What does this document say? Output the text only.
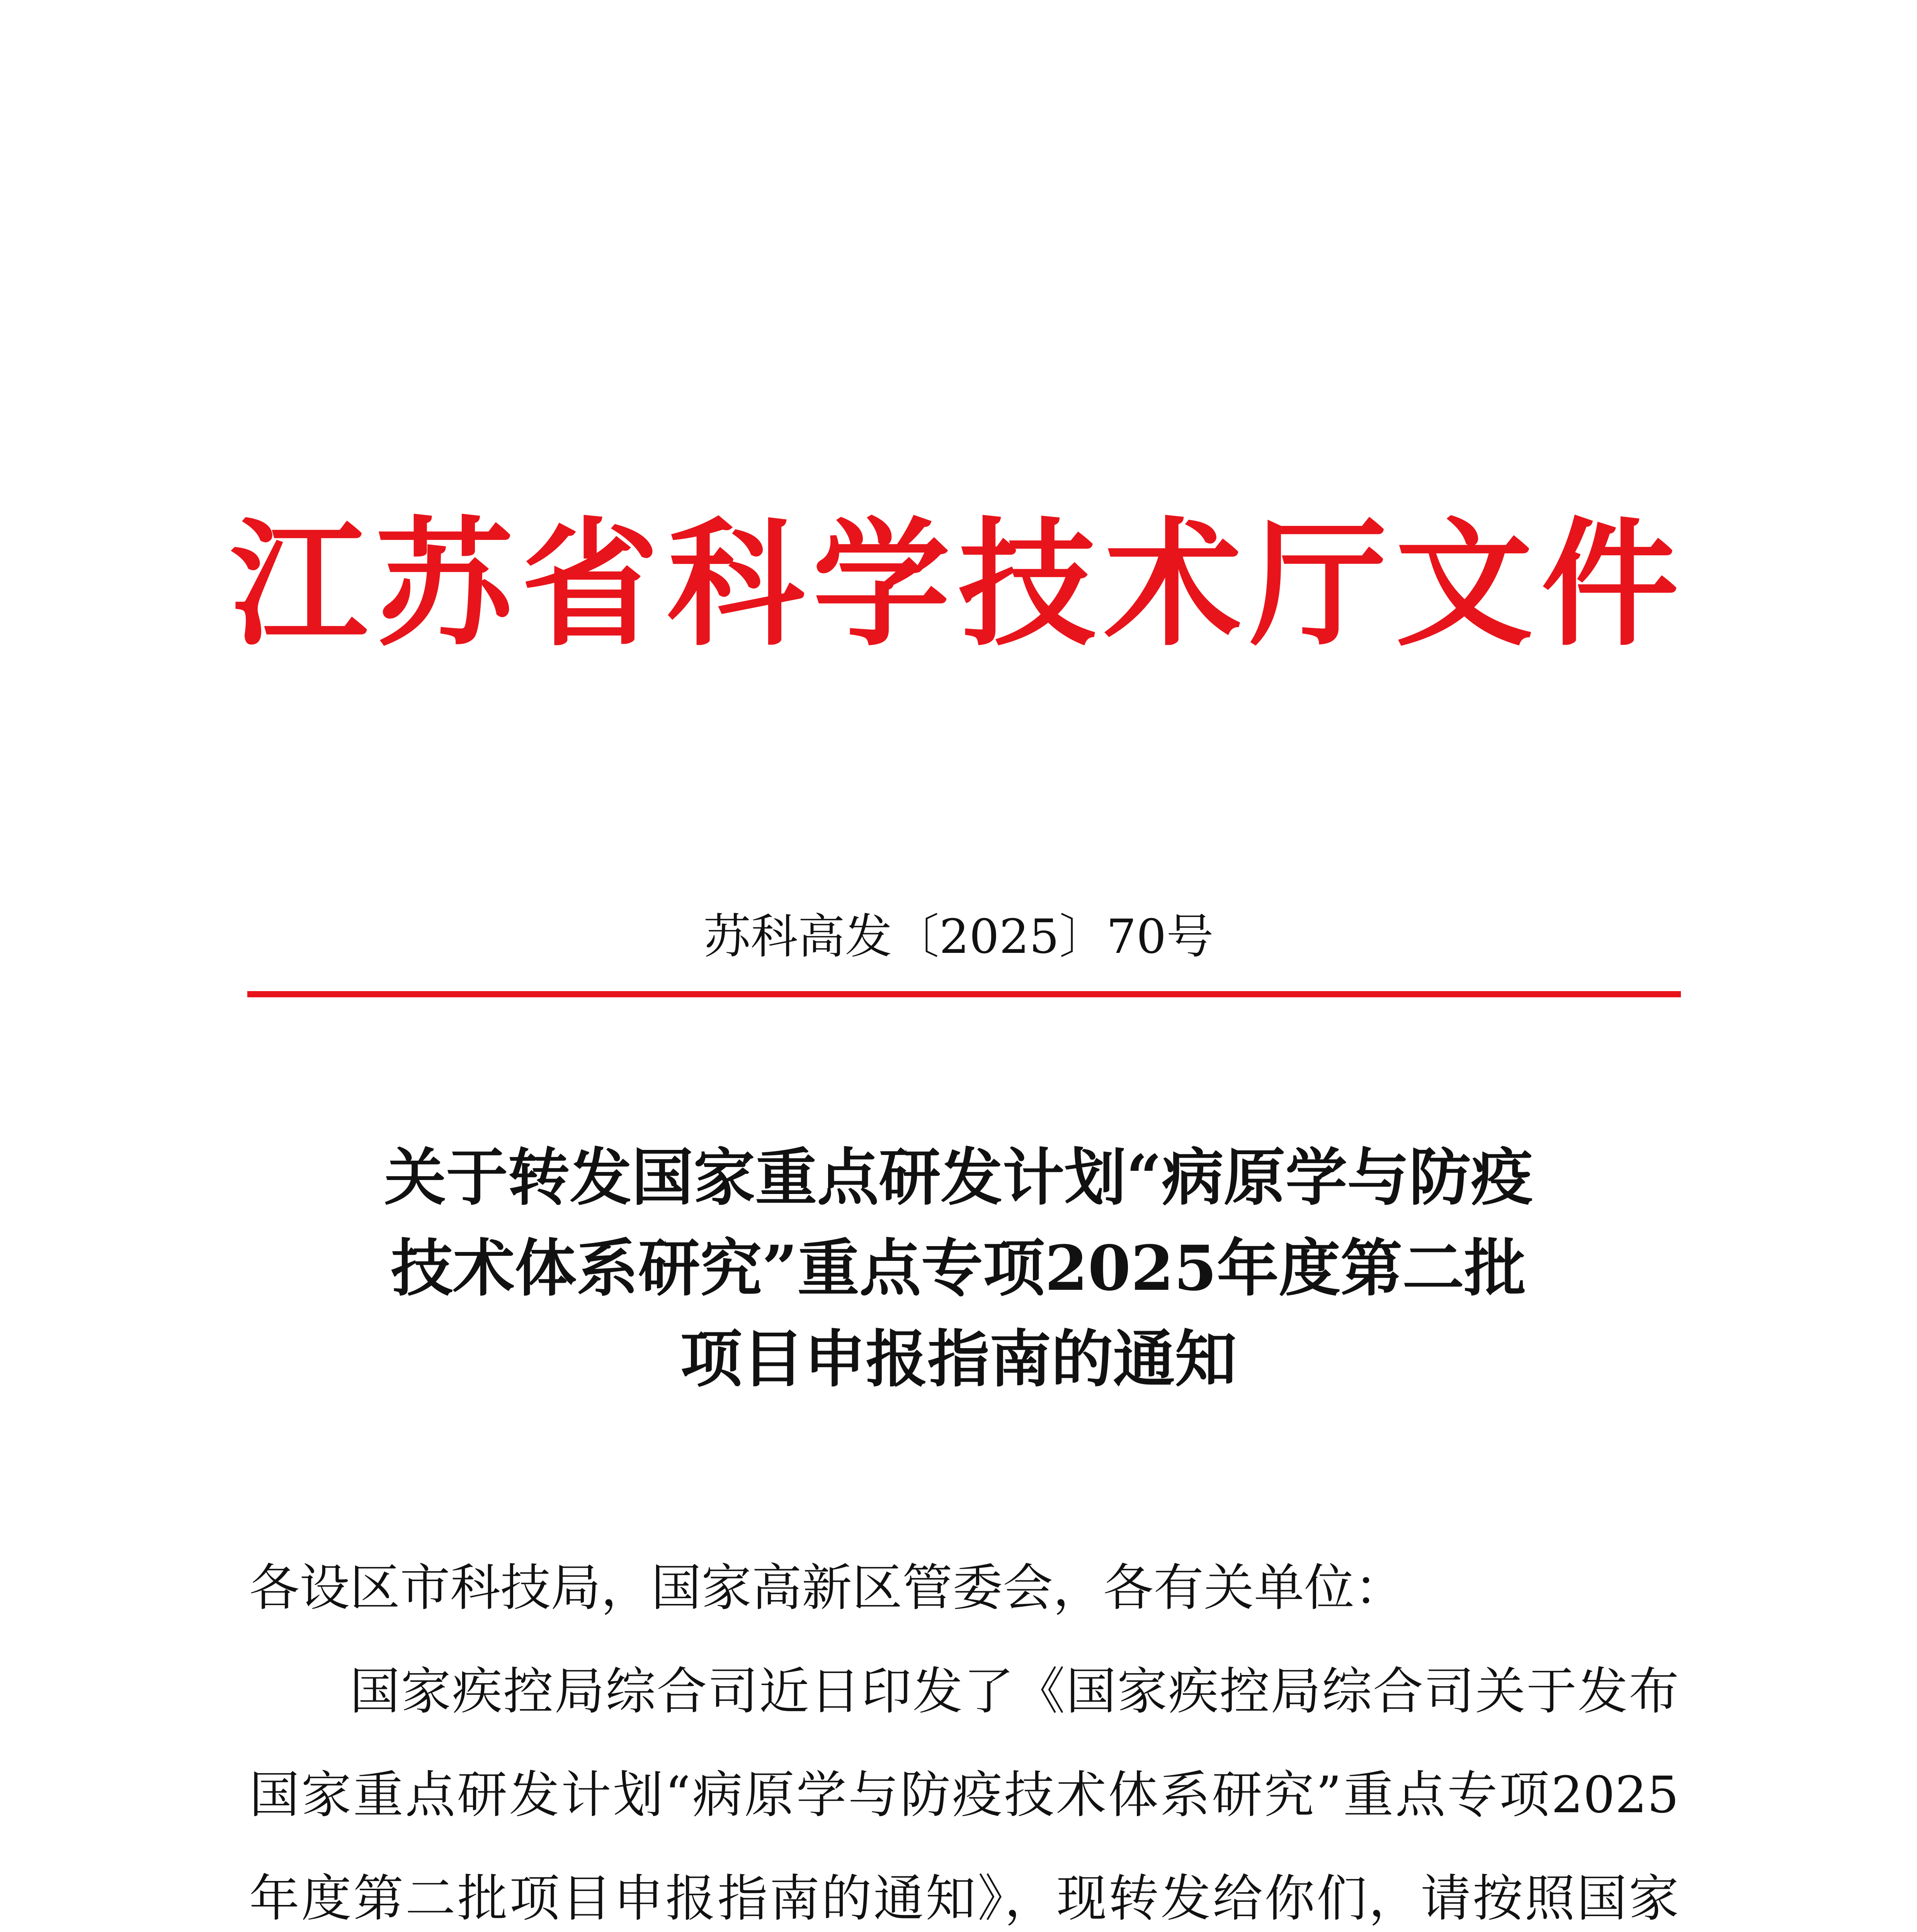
江苏省科学技术厅文件
苏科高发〔2025〕70号
关于转发国家重点研发计划“病原学与防疫
技术体系研究”重点专项2025年度第二批
项目申报指南的通知
各设区市科技局，国家高新区管委会，各有关单位：
国家疾控局综合司近日印发了《国家疾控局综合司关于发布
国家重点研发计划“病原学与防疫技术体系研究”重点专项2025
年度第二批项目申报指南的通知》，现转发给你们，请按照国家
